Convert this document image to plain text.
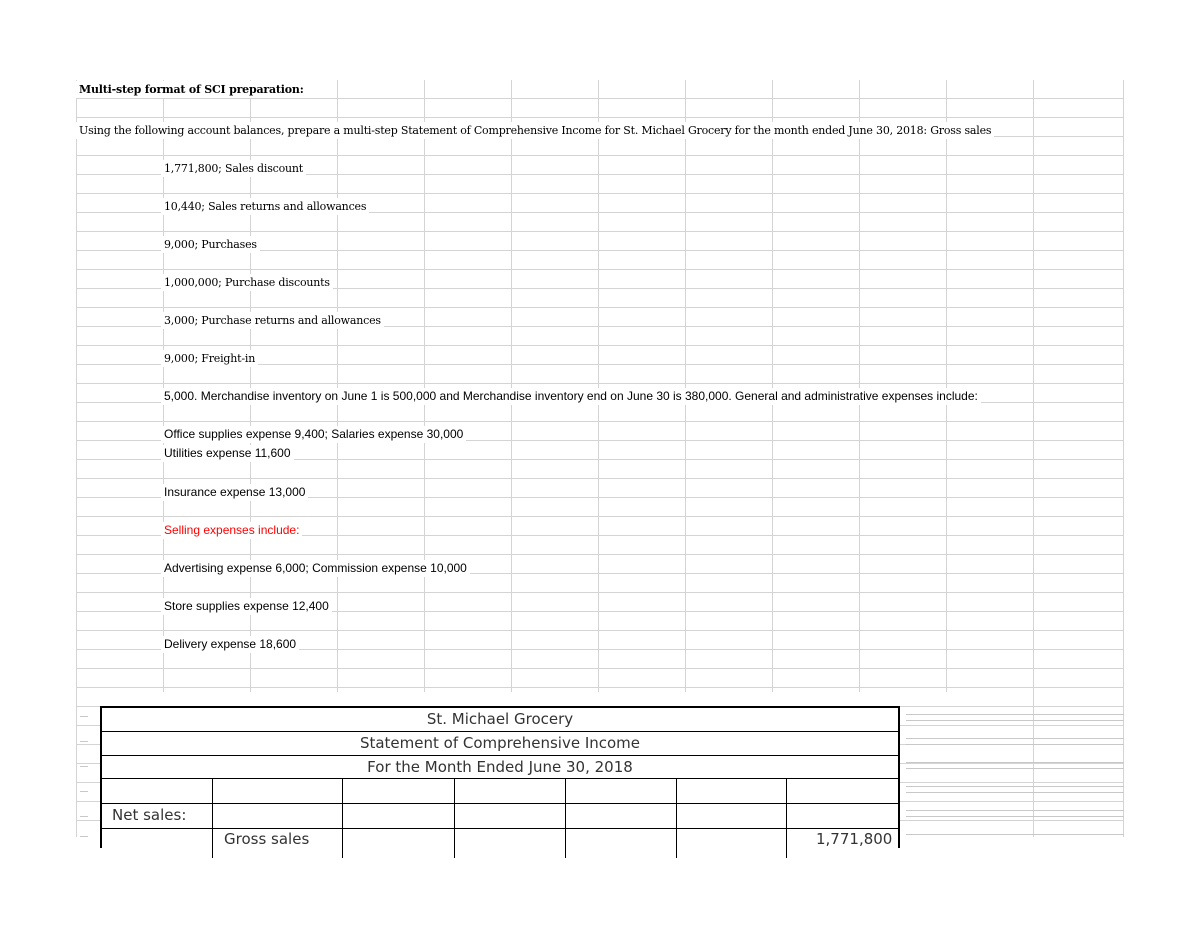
Multi-step format of SCI preparation:
Using the following account balances, prepare a multi-step Statement of Comprehensive Income for St. Michael Grocery for the month ended June 30, 2018: Gross sales
1,771,800; Sales discount
10,440; Sales returns and allowances
9,000; Purchases
1,000,000; Purchase discounts
3,000; Purchase returns and allowances
9,000; Freight-in
5,000. Merchandise inventory on June 1 is 500,000 and Merchandise inventory end on June 30 is 380,000. General and administrative expenses include:
Office supplies expense 9,400; Salaries expense 30,000
Utilities expense 11,600
Insurance expense 13,000
Selling expenses include:
Advertising expense 6,000; Commission expense 10,000
Store supplies expense 12,400
Delivery expense 18,600
St. Michael Grocery
Statement of Comprehensive Income
For the Month Ended June 30, 2018
Net sales:
Gross sales	1,771,800
